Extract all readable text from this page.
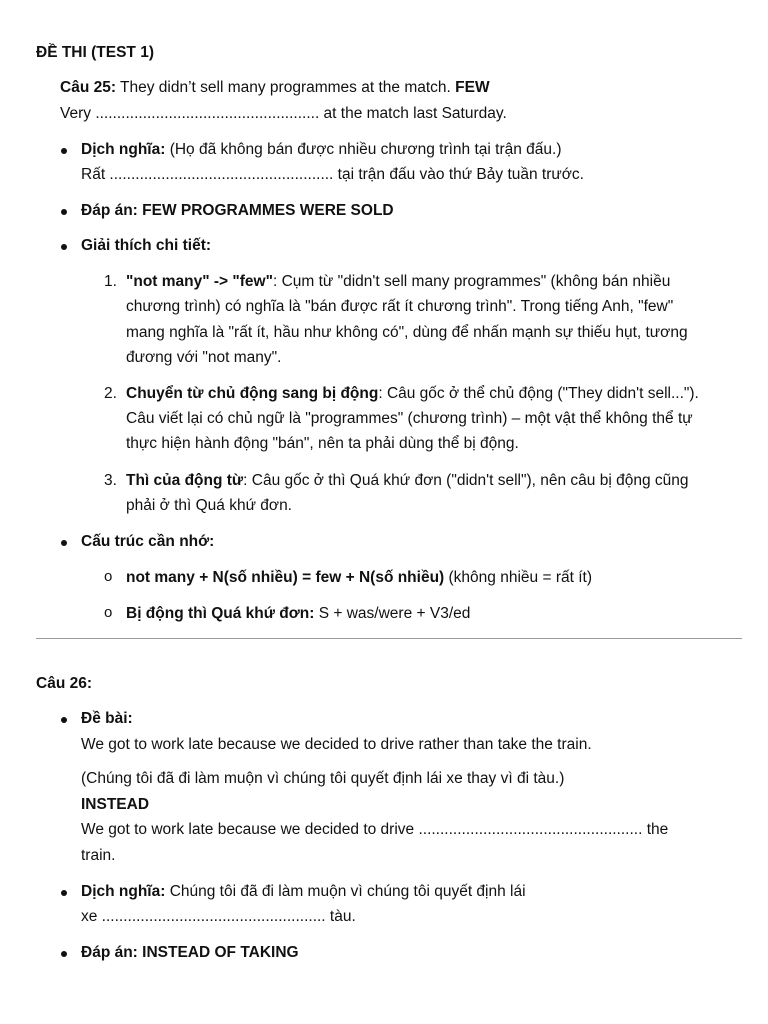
ĐỀ THI (TEST 1)
Câu 25: They didn’t sell many programmes at the match. FEW
Very .................................................... at the match last Saturday.
Dịch nghĩa: (Họ đã không bán được nhiều chương trình tại trận đấu.)
Rất .................................................... tại trận đấu vào thứ Bảy tuần trước.
Đáp án: FEW PROGRAMMES WERE SOLD
Giải thích chi tiết:
1. "not many" -> "few": Cụm từ "didn't sell many programmes" (không bán nhiều
chương trình) có nghĩa là "bán được rất ít chương trình". Trong tiếng Anh, "few"
mang nghĩa là "rất ít, hầu như không có", dùng để nhấn mạnh sự thiếu hụt, tương
đương với "not many".
2. Chuyển từ chủ động sang bị động: Câu gốc ở thể chủ động ("They didn't sell...").
Câu viết lại có chủ ngữ là "programmes" (chương trình) – một vật thể không thể tự
thực hiện hành động "bán", nên ta phải dùng thể bị động.
3. Thì của động từ: Câu gốc ở thì Quá khứ đơn ("didn't sell"), nên câu bị động cũng
phải ở thì Quá khứ đơn.
Cấu trúc cần nhớ:
o not many + N(số nhiều) = few + N(số nhiều) (không nhiều = rất ít)
o Bị động thì Quá khứ đơn: S + was/were + V3/ed
Câu 26:
Đề bài:
We got to work late because we decided to drive rather than take the train.
(Chúng tôi đã đi làm muộn vì chúng tôi quyết định lái xe thay vì đi tàu.)
INSTEAD
We got to work late because we decided to drive .................................................... the
train.
Dịch nghĩa: Chúng tôi đã đi làm muộn vì chúng tôi quyết định lái
xe .................................................... tàu.
Đáp án: INSTEAD OF TAKING
